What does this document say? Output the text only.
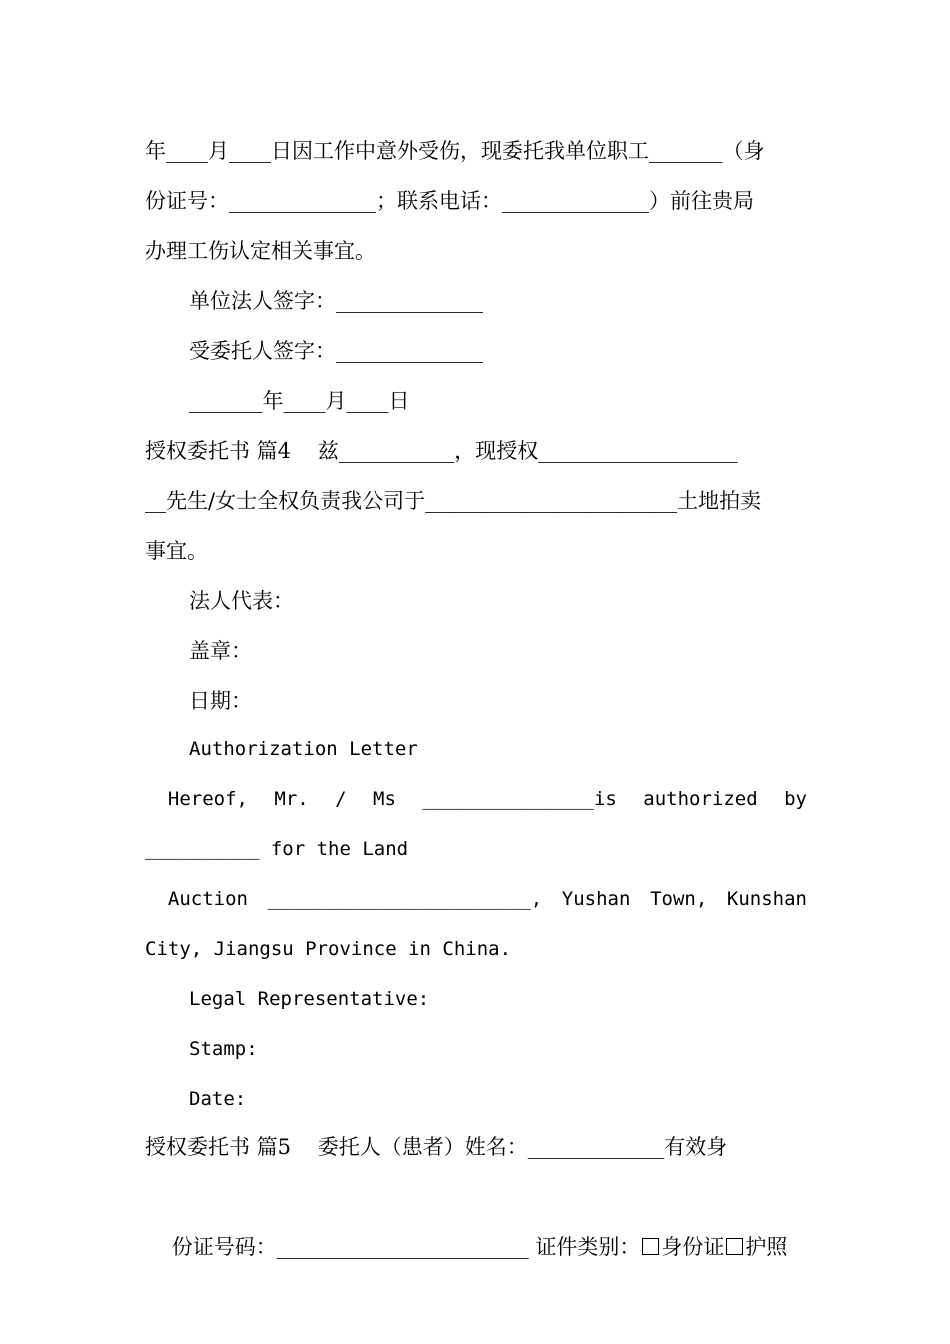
年____月____日因工作中意外受伤，现委托我单位职工_______（身
份证号：______________；联系电话：______________）前往贵局
办理工伤认定相关事宜。
单位法人签字：______________
受委托人签字：______________
_______年____月____日
授权委托书 篇4    兹___________，现授权___________________
__先生/女士全权负责我公司于________________________土地拍卖
事宜。
法人代表：
盖章：
日期：
Authorization Letter
Hereof, Mr. / Ms _______________is authorized by
__________ for the Land
Auction _______________________, Yushan Town, Kunshan
City, Jiangsu Province in China.
Legal Representative:
Stamp:
Date:
授权委托书 篇5    委托人（患者）姓名：_____________有效身

份证号码：________________________ 证件类别： 身份证 护照
